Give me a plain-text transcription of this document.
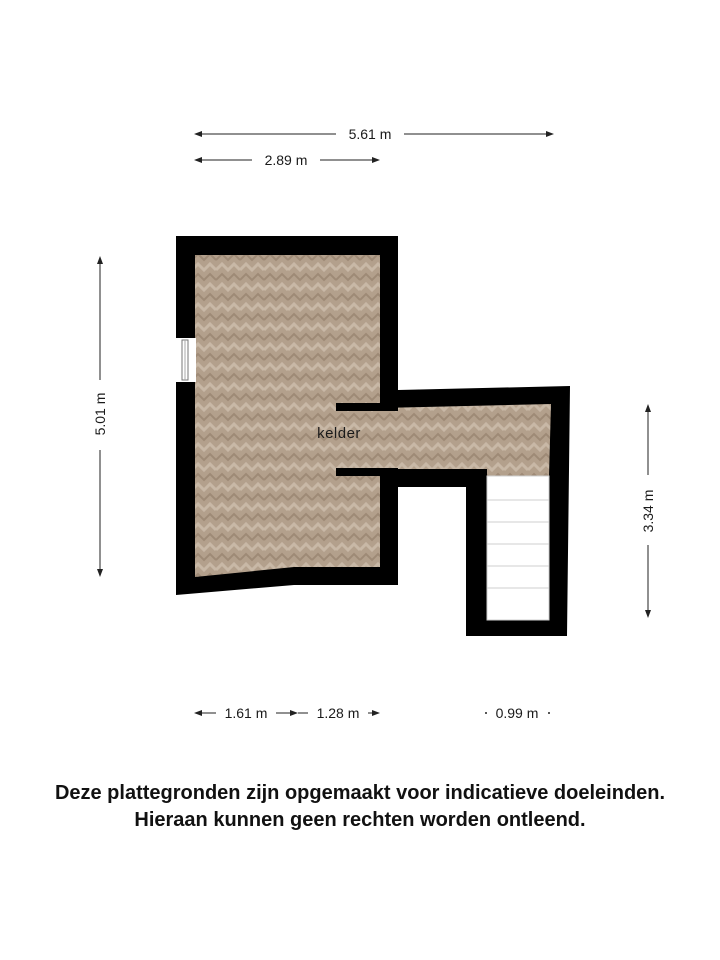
kelder
5.61 m
2.89 m
5.01 m
3.34 m
1.61 m	1.28 m	0.99 m
Deze plattegronden zijn opgemaakt voor indicatieve doeleinden.
Hieraan kunnen geen rechten worden ontleend.
